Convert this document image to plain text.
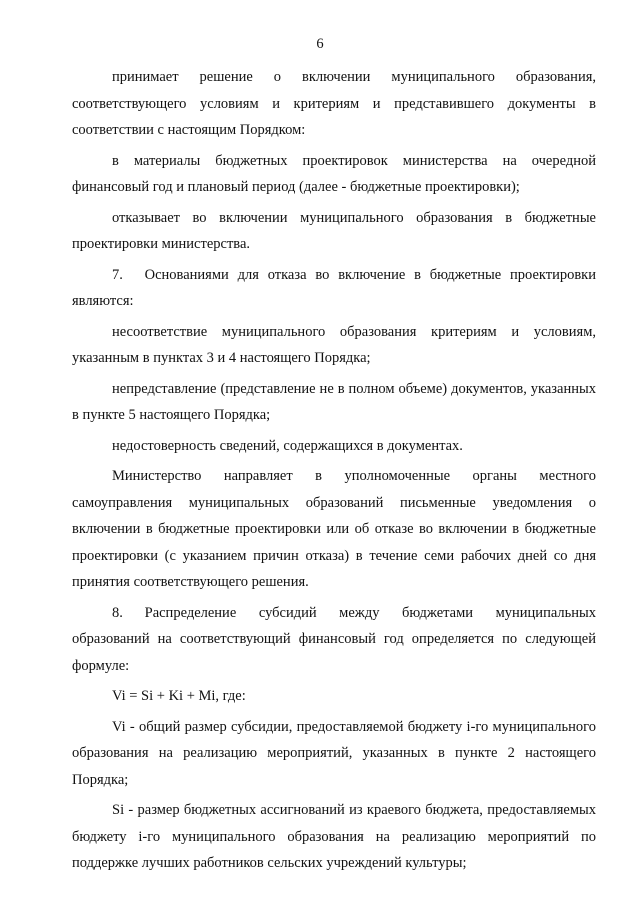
6

принимает решение о включении муниципального образования, соответствующего условиям и критериям и представившего документы в соответствии с настоящим Порядком:

в материалы бюджетных проектировок министерства на очередной финансовый год и плановый период (далее - бюджетные проектировки);

отказывает во включении муниципального образования в бюджетные проектировки министерства.

7.  Основаниями для отказа во включение в бюджетные проектировки являются:

несоответствие муниципального образования критериям и условиям, указанным в пунктах 3 и 4 настоящего Порядка;

непредставление (представление не в полном объеме) документов, указанных в пункте 5 настоящего Порядка;

недостоверность сведений, содержащихся в документах.

Министерство направляет в уполномоченные органы местного самоуправления муниципальных образований письменные уведомления о включении в бюджетные проектировки или об отказе во включении в бюджетные проектировки (с указанием причин отказа) в течение семи рабочих дней со дня принятия соответствующего решения.

8.  Распределение субсидий между бюджетами муниципальных образований на соответствующий финансовый год определяется по следующей формуле:

Vi = Si + Ki + Mi, где:

Vi - общий размер субсидии, предоставляемой бюджету i-го муниципального образования на реализацию мероприятий, указанных в пункте 2 настоящего Порядка;

Si - размер бюджетных ассигнований из краевого бюджета, предоставляемых бюджету i-го муниципального образования на реализацию мероприятий по поддержке лучших работников сельских учреждений культуры;
